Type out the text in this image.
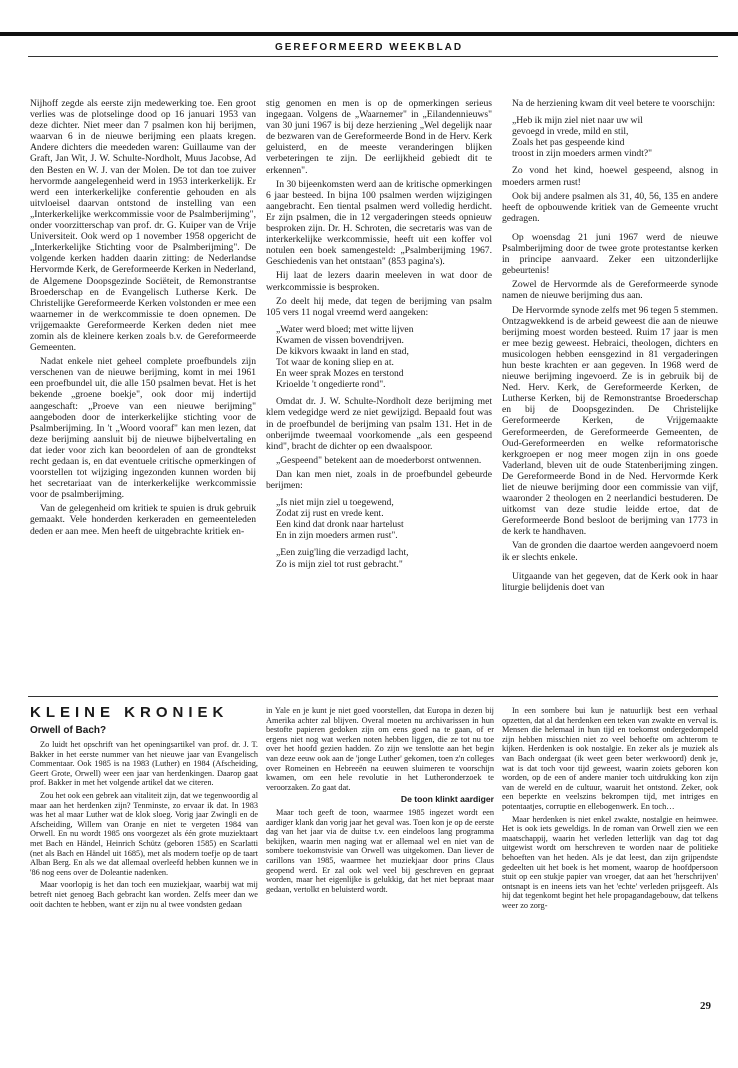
GEREFORMEERD WEEKBLAD

Nijhoff zegde als eerste zijn medewerking toe. Een groot verlies was de plotselinge dood op 16 januari 1953 van deze dichter. Niet meer dan 7 psalmen kon hij berijmen, waarvan 6 in de nieuwe berijming een plaats kregen. Andere dichters die meededen waren: Guillaume van der Graft, Jan Wit, J. W. Schulte-Nordholt, Muus Jacobse, Ad den Besten en W. J. van der Molen. De tot dan toe zuiver hervormde aangelegenheid werd in 1953 interkerkelijk. Er werd een interkerkelijke conferentie gehouden en als uitvloeisel daarvan ontstond de instelling van een „Interkerkelijke werkcommissie voor de Psalmberijming", onder voorzitterschap van prof. dr. G. Kuiper van de Vrije Universiteit. Ook werd op 1 november 1958 opgericht de „Interkerkelijke Stichting voor de Psalmberijming". De volgende kerken hadden daarin zitting: de Nederlandse Hervormde Kerk, de Gereformeerde Kerken in Nederland, de Algemene Doopsgezinde Sociëteit, de Remonstrantse Broederschap en de Evangelisch Lutherse Kerk. De Christelijke Gereformeerde Kerken volstonden er mee een waarnemer in de werkcommissie te doen opnemen. De vrijgemaakte Gereformeerde Kerken deden niet mee zomin als de kleinere kerken zoals b.v. de Gereformeerde Gemeenten.

Nadat enkele niet geheel complete proefbundels zijn verschenen van de nieuwe berijming, komt in mei 1961 een proefbundel uit, die alle 150 psalmen bevat. Het is het bekende „groene boekje", ook door mij indertijd aangeschaft: „Proeve van een nieuwe berijming" aangeboden door de interkerkelijke stichting voor de Psalmberijming. In 't „Woord vooraf" kan men lezen, dat deze berijming aansluit bij de nieuwe bijbelvertaling en dat ieder voor zich kan beoordelen of aan de grondtekst recht gedaan is, en dat eventuele critische opmerkingen of voorstellen tot wijziging ingezonden kunnen worden bij het secretariaat van de interkerkelijke werkcommissie voor de psalmberijming.

Van de gelegenheid om kritiek te spuien is druk gebruik gemaakt. Vele honderden kerkeraden en gemeenteleden deden er aan mee. Men heeft de uitgebrachte kritiek en-

stig genomen en men is op de opmerkingen serieus ingegaan. Volgens de „Waarnemer" in „Eilandennieuws" van 30 juni 1967 is bij deze herziening „Wel degelijk naar de bezwaren van de Gereformeerde Bond in de Herv. Kerk geluisterd, en de meeste veranderingen blijken verbeteringen te zijn. De eerlijkheid gebiedt dit te erkennen".

In 30 bijeenkomsten werd aan de kritische opmerkingen 6 jaar besteed. In bijna 100 psalmen werden wijzigingen aangebracht. Een tiental psalmen werd volledig herdicht. Er zijn psalmen, die in 12 vergaderingen steeds opnieuw besproken zijn. Dr. H. Schroten, die secretaris was van de interkerkelijke werkcommissie, heeft uit een koffer vol notulen een boek samengesteld: „Psalmberijming 1967. Geschiedenis van het ontstaan" (853 pagina's).

Hij laat de lezers daarin meeleven in wat door de werkcommissie is besproken.

Zo deelt hij mede, dat tegen de berijming van psalm 105 vers 11 nogal vreemd werd aangeken:

„Water werd bloed; met witte lijven
Kwamen de vissen bovendrijven.
De kikvors kwaakt in land en stad,
Tot waar de koning sliep en at.
En weer sprak Mozes en terstond
Krioelde 't ongedierte rond".

Omdat dr. J. W. Schulte-Nordholt deze berijming met klem vedegidge werd ze niet gewijzigd. Bepaald fout was in de proefbundel de berijming van psalm 131. Het in de onberijmde tweemaal voorkomende „als een gespeend kind", bracht de dichter op een dwaalspoor.

„Gespeend" betekent aan de moederborst ontwennen.

Dan kan men niet, zoals in de proefbundel gebeurde berijmen:

„Is niet mijn ziel u toegewend,
Zodat zij rust en vrede kent.
Een kind dat dronk naar hartelust
En in zijn moeders armen rust".

„Een zuig'ling die verzadigd lacht,
Zo is mijn ziel tot rust gebracht."

Na de herziening kwam dit veel betere te voorschijn:

„Heb ik mijn ziel niet naar uw wil
gevoegd in vrede, mild en stil,
Zoals het pas gespeende kind
troost in zijn moeders armen vindt?"

Zo vond het kind, hoewel gespeend, alsnog in moeders armen rust!

Ook bij andere psalmen als 31, 40, 56, 135 en andere heeft de opbouwende kritiek van de Gemeente vrucht gedragen.

Op woensdag 21 juni 1967 werd de nieuwe Psalmberijming door de twee grote protestantse kerken in principe aanvaard. Zeker een uitzonderlijke gebeurtenis!

Zowel de Hervormde als de Gereformeerde synode namen de nieuwe berijming dus aan.

De Hervormde synode zelfs met 96 tegen 5 stemmen. Ontzagwekkend is de arbeid geweest die aan de nieuwe berijming moest worden besteed. Ruim 17 jaar is men er mee bezig geweest. Hebraici, theologen, dichters en musicologen hebben eensgezind in 81 vergaderingen hun beste krachten er aan gegeven. In 1968 werd de nieuwe berijming ingevoerd. Ze is in gebruik bij de Ned. Herv. Kerk, de Gereformeerde Kerken, de Lutherse Kerken, bij de Remonstrantse Broederschap en bij de Doopsgezinden. De Christelijke Gereformeerde Kerken, de Vrijgemaakte Gereformeerden, de Gereformeerde Gemeenten, de Oud-Gereformeerden en welke reformatorische kerkgroepen er nog meer mogen zijn in ons goede Vaderland, bleven uit de oude Statenberijming zingen. De Gereformeerde Bond in de Ned. Hervormde Kerk liet de nieuwe berijming door een commissie van vijf, waaronder 2 theologen en 2 neerlandici bestuderen. De uitkomst van deze studie leidde ertoe, dat de Gereformeerde Bond besloot de berijming van 1773 in de kerk te handhaven.

Van de gronden die daartoe werden aangevoerd noem ik er slechts enkele.

Uitgaande van het gegeven, dat de Kerk ook in haar liturgie belijdenis doet van

KLEINE KRONIEK
Orwell of Bach?

Zo luidt het opschrift van het openingsartikel van prof. dr. J. T. Bakker in het eerste nummer van het nieuwe jaar van Evangelisch Commentaar. Ook 1985 is na 1983 (Luther) en 1984 (Afscheiding, Geert Grote, Orwell) weer een jaar van herdenkingen. Daarop gaat prof. Bakker in met het volgende artikel dat we citeren.

Zou het ook een gebrek aan vitaliteit zijn, dat we tegenwoordig al maar aan het herdenken zijn? Tenminste, zo ervaar ik dat. In 1983 was het al maar Luther wat de klok sloeg. Vorig jaar Zwingli en de Afscheiding, Willem van Oranje en niet te vergeten 1984 van Orwell. En nu wordt 1985 ons voorgezet als één grote muziektaart met Bach en Händel, Heinrich Schütz (geboren 1585) en Scarlatti (net als Bach en Händel uit 1685), met als modern toefje op de taart Alban Berg. En als we dat allemaal overleefd hebben kunnen we in '86 nog eens over de Doleantie nadenken.

Maar voorlopig is het dan toch een muziekjaar, waarbij wat mij betreft niet genoeg Bach gebracht kan worden. Zelfs meer dan we ooit dachten te hebben, want er zijn nu al twee vondsten gedaan

in Yale en je kunt je niet goed voorstellen, dat Europa in dezen bij Amerika achter zal blijven. Overal moeten nu archivarissen in hun bestofte papieren gedoken zijn om eens goed na te gaan, of er ergens niet nog wat werken noten hebben liggen, die ze tot nu toe over het hoofd gezien hadden. Zo zijn we tenslotte aan het begin van deze eeuw ook aan de 'jonge Luther' gekomen, toen z'n colleges over Romeinen en Hebreeën na eeuwen sluimeren te voorschijn kwamen, om een hele revolutie in het Lutheronderzoek te veroorzaken. Zo gaat dat.

De toon klinkt aardiger

Maar toch geeft de toon, waarmee 1985 ingezet wordt een aardiger klank dan vorig jaar het geval was. Toen kon je op de eerste dag van het jaar via de duitse t.v. een eindeloos lang programma bekijken, waarin men naging wat er allemaal wel en niet van de sombere toekomstvisie van Orwell was uitgekomen. Dan liever de carillons van 1985, waarmee het muziekjaar door prins Claus geopend werd. Er zal ook wel veel bij geschreven en gepraat worden, maar het eigenlijke is gelukkig, dat het niet bepraat maar gedaan, vertolkt en beluisterd wordt.

In een sombere bui kun je natuurlijk best een verhaal opzetten, dat al dat herdenken een teken van zwakte en verval is. Mensen die helemaal in hun tijd en toekomst ondergedompeld zijn hebben misschien niet zo veel behoefte om achterom te kijken. Herdenken is ook nostalgie. En zeker als je muziek als van Bach ondergaat (ik weet geen beter werkwoord) denk je, wat is dat toch voor tijd geweest, waarin zoiets geboren kon worden, op de een of andere manier toch uitdrukking kon zijn van de wereld en de cultuur, waaruit het ontstond. Zeker, ook een beperkte en veelszins bekrompen tijd, met intriges en potentaatjes, corruptie en ellebogenwerk. En toch…

Maar herdenken is niet enkel zwakte, nostalgie en heimwee. Het is ook iets geweldigs. In de roman van Orwell zien we een maatschappij, waarin het verleden letterlijk van dag tot dag uitgewist wordt om herschreven te worden naar de politieke behoeften van het heden. Als je dat leest, dan zijn grijpendste gedeelten uit het boek is het moment, waarop de hoofdpersoon stuit op een stukje papier van vroeger, dat aan het 'herschrijven' ontsnapt is en ineens iets van het 'echte' verleden prijsgeeft. Als hij dat tegenkomt begint het hele propagandagebouw, dat telkens weer zo zorg-

29
